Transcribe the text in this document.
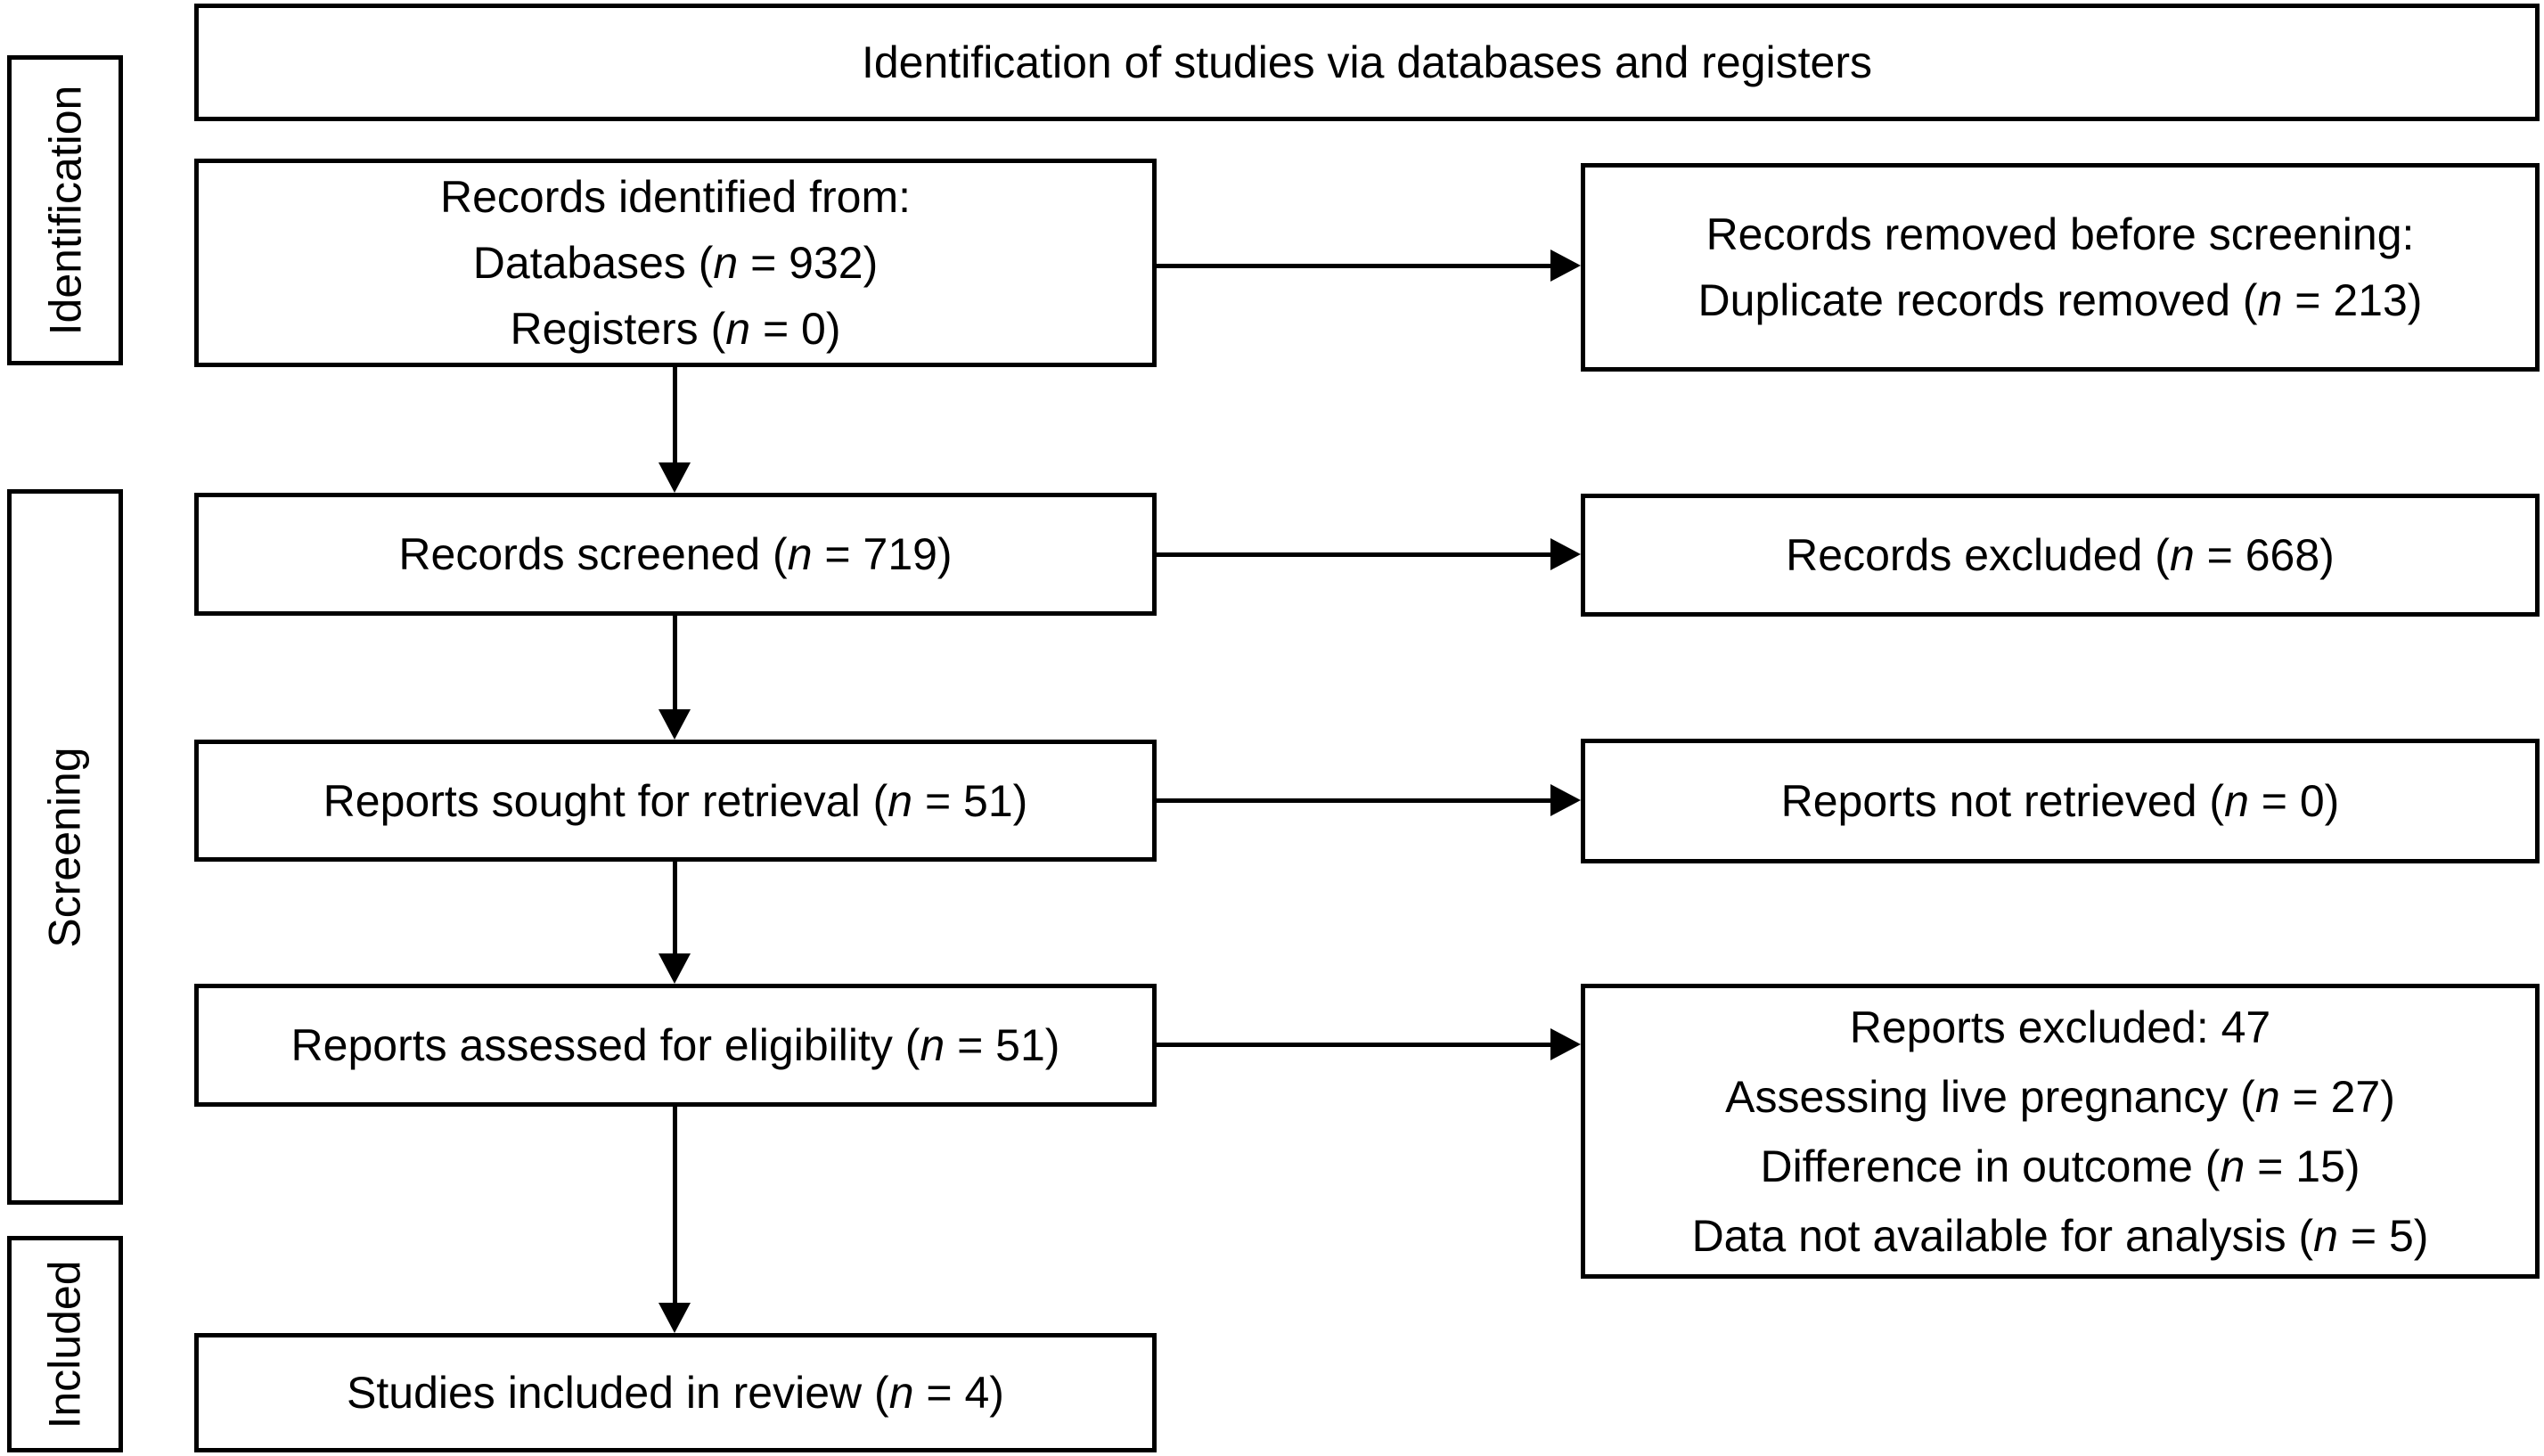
Identification of studies via databases and registers
Identification
Screening
Included
Records identified from:
Databases (n = 932)
Registers (n = 0)
Records screened (n = 719)
Reports sought for retrieval (n = 51)
Reports assessed for eligibility (n = 51)
Studies included in review (n = 4)
Records removed before screening:
Duplicate records removed (n = 213)
Records excluded (n = 668)
Reports not retrieved (n = 0)
Reports excluded: 47
Assessing live pregnancy (n = 27)
Difference in outcome (n = 15)
Data not available for analysis (n = 5)
